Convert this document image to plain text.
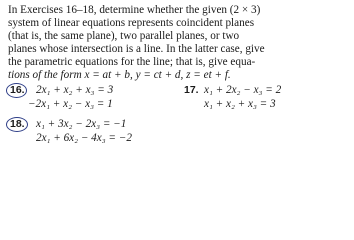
In Exercises 16–18, determine whether the given (2 × 3)
system of linear equations represents coincident planes
(that is, the same plane), two parallel planes, or two
planes whose intersection is a line. In the latter case, give
the parametric equations for the line; that is, give equa-
tions of the form x = at + b, y = ct + d, z = et + f.
16. 2x₁ + x₂ + x₃ = 3
−2x₁ + x₂ − x₃ = 1
17. x₁ + 2x₂ − x₃ = 2
x₁ + x₂ + x₃ = 3
18. x₁ + 3x₂ − 2x₃ = −1
2x₁ + 6x₂ − 4x₃ = −2
